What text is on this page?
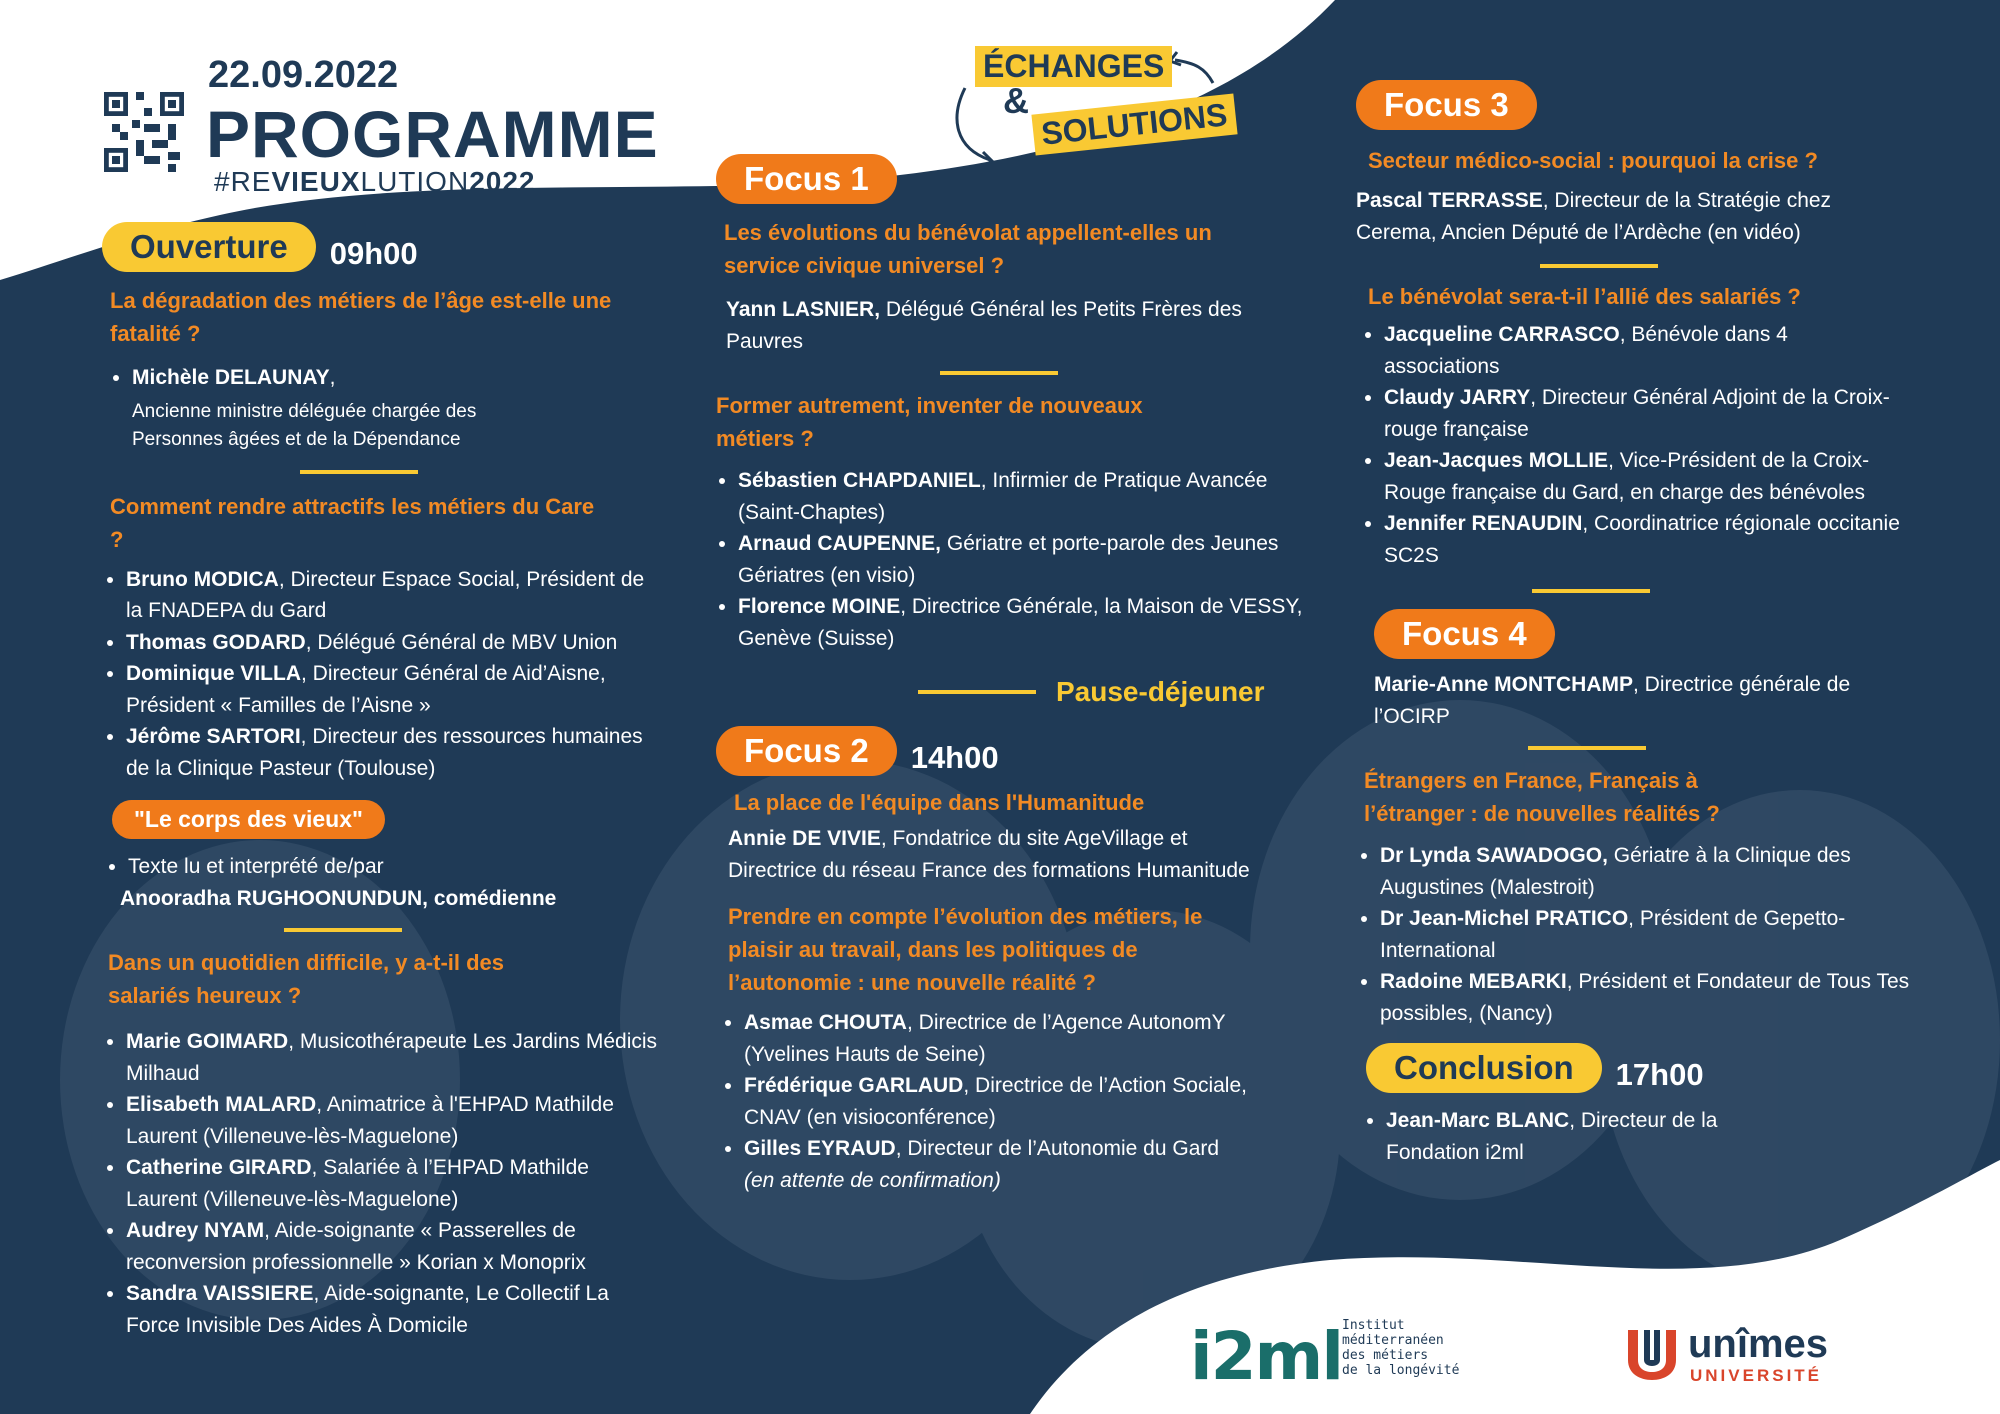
22.09.2022
PROGRAMME
#REVIEUXLUTION2022
ÉCHANGES
& SOLUTIONS
Ouverture 09h00

La dégradation des métiers de l’âge est-elle une fatalité ?

• Michèle DELAUNAY,
Ancienne ministre déléguée chargée des Personnes âgées et de la Dépendance

Comment rendre attractifs les métiers du Care ?

• Bruno MODICA, Directeur Espace Social, Président de la FNADEPA du Gard
• Thomas GODARD, Délégué Général de MBV Union
• Dominique VILLA, Directeur Général de Aid’Aisne, Président « Familles de l’Aisne »
• Jérôme SARTORI, Directeur des ressources humaines de la Clinique Pasteur (Toulouse)
"Le corps des vieux"
• Texte lu et interprété de/par
Anooradha RUGHOONUNDUN, comédienne

Dans un quotidien difficile, y a-t-il des salariés heureux ?

• Marie GOIMARD, Musicothérapeute Les Jardins Médicis Milhaud
• Elisabeth MALARD, Animatrice à l'EHPAD Mathilde Laurent (Villeneuve-lès-Maguelone)
• Catherine GIRARD, Salariée à l’EHPAD Mathilde Laurent (Villeneuve-lès-Maguelone)
• Audrey NYAM, Aide-soignante « Passerelles de reconversion professionnelle » Korian x Monoprix
• Sandra VAISSIERE, Aide-soignante, Le Collectif La Force Invisible Des Aides À Domicile
Focus 1

Les évolutions du bénévolat appellent-elles un service civique universel ?

Yann LASNIER, Délégué Général les Petits Frères des Pauvres

Former autrement, inventer de nouveaux métiers ?

• Sébastien CHAPDANIEL, Infirmier de Pratique Avancée (Saint-Chaptes)
• Arnaud CAUPENNE, Gériatre et porte-parole des Jeunes Gériatres (en visio)
• Florence MOINE, Directrice Générale, la Maison de VESSY, Genève (Suisse)
Pause-déjeuner
Focus 2 14h00

La place de l'équipe dans l'Humanitude

Annie DE VIVIE, Fondatrice du site AgeVillage et Directrice du réseau France des formations Humanitude

Prendre en compte l’évolution des métiers, le plaisir au travail, dans les politiques de l’autonomie : une nouvelle réalité ?

• Asmae CHOUTA, Directrice de l’Agence AutonomY (Yvelines Hauts de Seine)
• Frédérique GARLAUD, Directrice de l’Action Sociale, CNAV (en visioconférence)
• Gilles EYRAUD, Directeur de l’Autonomie du Gard
(en attente de confirmation)
Focus 3

Secteur médico-social : pourquoi la crise ?

Pascal TERRASSE, Directeur de la Stratégie chez Cerema, Ancien Député de l’Ardèche (en vidéo)

Le bénévolat sera-t-il l’allié des salariés ?

• Jacqueline CARRASCO, Bénévole dans 4 associations
• Claudy JARRY, Directeur Général Adjoint de la Croix-rouge française
• Jean-Jacques MOLLIE, Vice-Président de la Croix-Rouge française du Gard, en charge des bénévoles
• Jennifer RENAUDIN, Coordinatrice régionale occitanie SC2S
Focus 4

Marie-Anne MONTCHAMP, Directrice générale de l’OCIRP

Étrangers en France, Français à l’étranger : de nouvelles réalités ?

• Dr Lynda SAWADOGO, Gériatre à la Clinique des Augustines (Malestroit)
• Dr Jean-Michel PRATICO, Président de Gepetto-International
• Radoine MEBARKI, Président et Fondateur de Tous Tes possibles, (Nancy)
Conclusion 17h00
• Jean-Marc BLANC, Directeur de la Fondation i2ml
i2ml Institut
méditerranéen
des métiers
de la longévité
unîmes
UNIVERSITÉ
